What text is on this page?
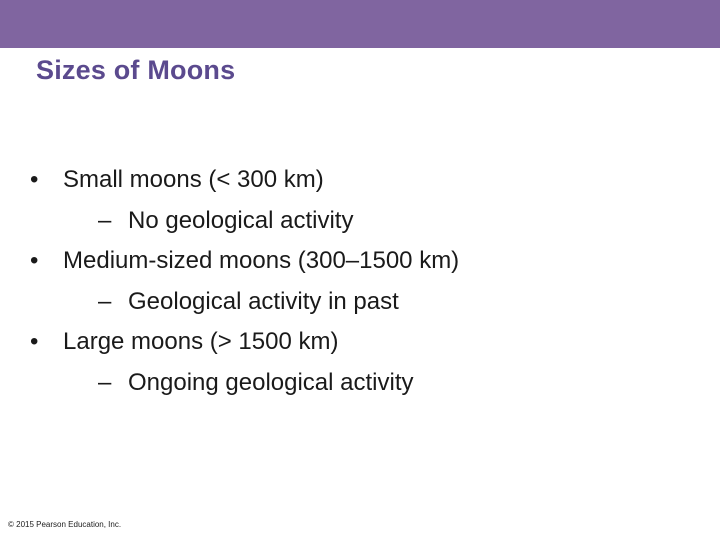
Sizes of Moons
• Small moons (< 300 km)
– No geological activity
• Medium-sized moons (300–1500 km)
– Geological activity in past
• Large moons (> 1500 km)
– Ongoing geological activity
© 2015 Pearson Education, Inc.
